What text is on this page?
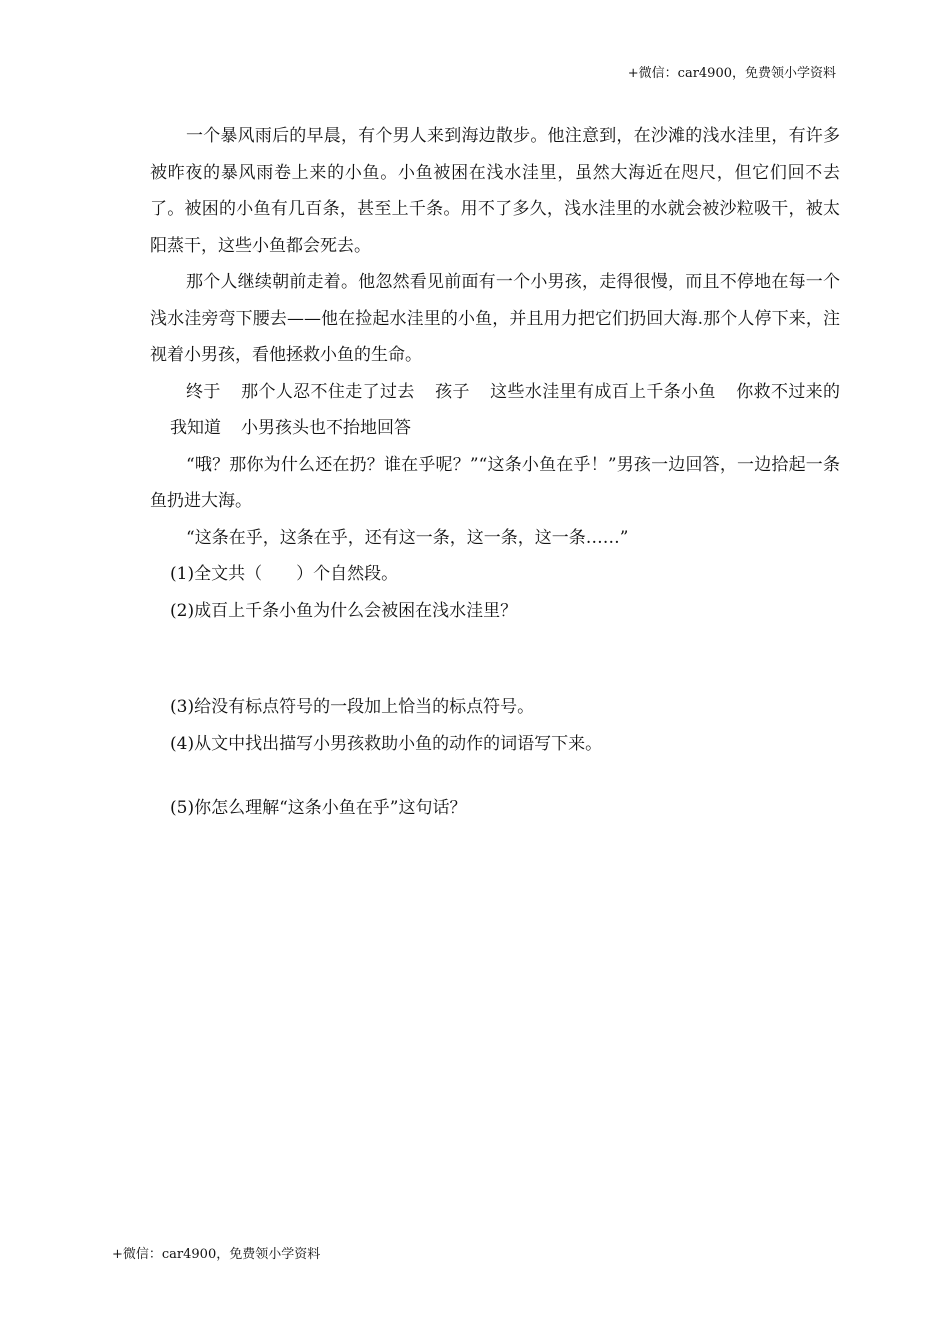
+微信：car4900，免费领小学资料

一个暴风雨后的早晨，有个男人来到海边散步。他注意到，在沙滩的浅水洼里，有许多被昨夜的暴风雨卷上来的小鱼。小鱼被困在浅水洼里，虽然大海近在咫尺，但它们回不去了。被困的小鱼有几百条，甚至上千条。用不了多久，浅水洼里的水就会被沙粒吸干，被太阳蒸干，这些小鱼都会死去。

那个人继续朝前走着。他忽然看见前面有一个小男孩，走得很慢，而且不停地在每一个浅水洼旁弯下腰去——他在捡起水洼里的小鱼，并且用力把它们扔回大海.那个人停下来，注视着小男孩，看他拯救小鱼的生命。

终于 那个人忍不住走了过去 孩子 这些水洼里有成百上千条小鱼 你救不过来的我知道 小男孩头也不抬地回答

“哦？那你为什么还在扔？谁在乎呢？”“这条小鱼在乎！”男孩一边回答，一边拾起一条鱼扔进大海。

“这条在乎，这条在乎，还有这一条，这一条，这一条……”

(1)全文共（　　）个自然段。

(2)成百上千条小鱼为什么会被困在浅水洼里？

(3)给没有标点符号的一段加上恰当的标点符号。

(4)从文中找出描写小男孩救助小鱼的动作的词语写下来。

(5)你怎么理解“这条小鱼在乎”这句话？

+微信：car4900，免费领小学资料
